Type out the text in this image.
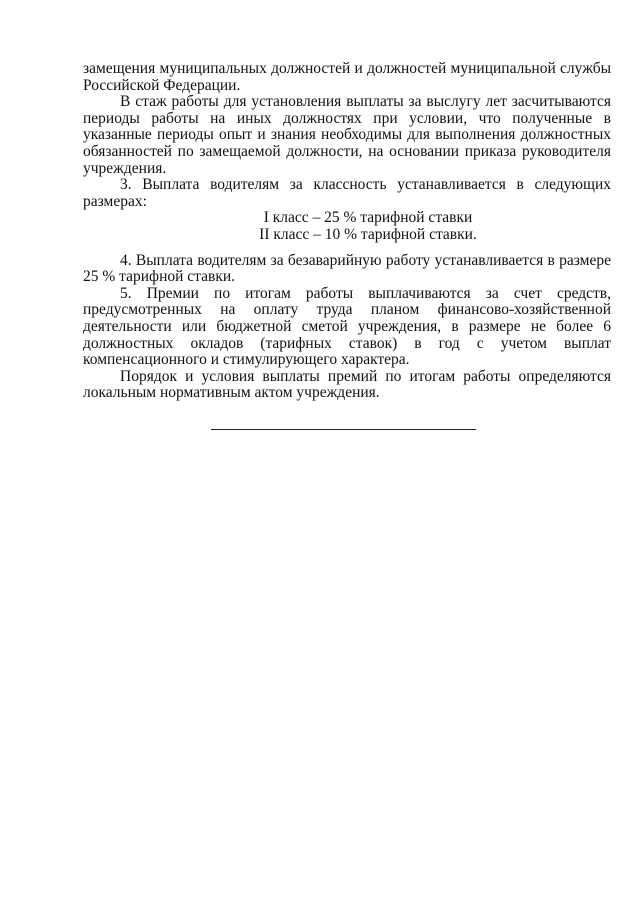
замещения муниципальных должностей и должностей муниципальной службы Российской Федерации.

В стаж работы для установления выплаты за выслугу лет засчитываются периоды работы на иных должностях при условии, что полученные в указанные периоды опыт и знания необходимы для выполнения должностных обязанностей по замещаемой должности, на основании приказа руководителя учреждения.

3. Выплата водителям за классность устанавливается в следующих размерах:

I класс – 25 % тарифной ставки

II класс – 10 % тарифной ставки.

4. Выплата водителям за безаварийную работу устанавливается в размере 25 % тарифной ставки.

5. Премии по итогам работы выплачиваются за счет средств, предусмотренных на оплату труда планом финансово-хозяйственной деятельности или бюджетной сметой учреждения, в размере не более 6 должностных окладов (тарифных ставок) в год с учетом выплат компенсационного и стимулирующего характера.

Порядок и условия выплаты премий по итогам работы определяются локальным нормативным актом учреждения.
